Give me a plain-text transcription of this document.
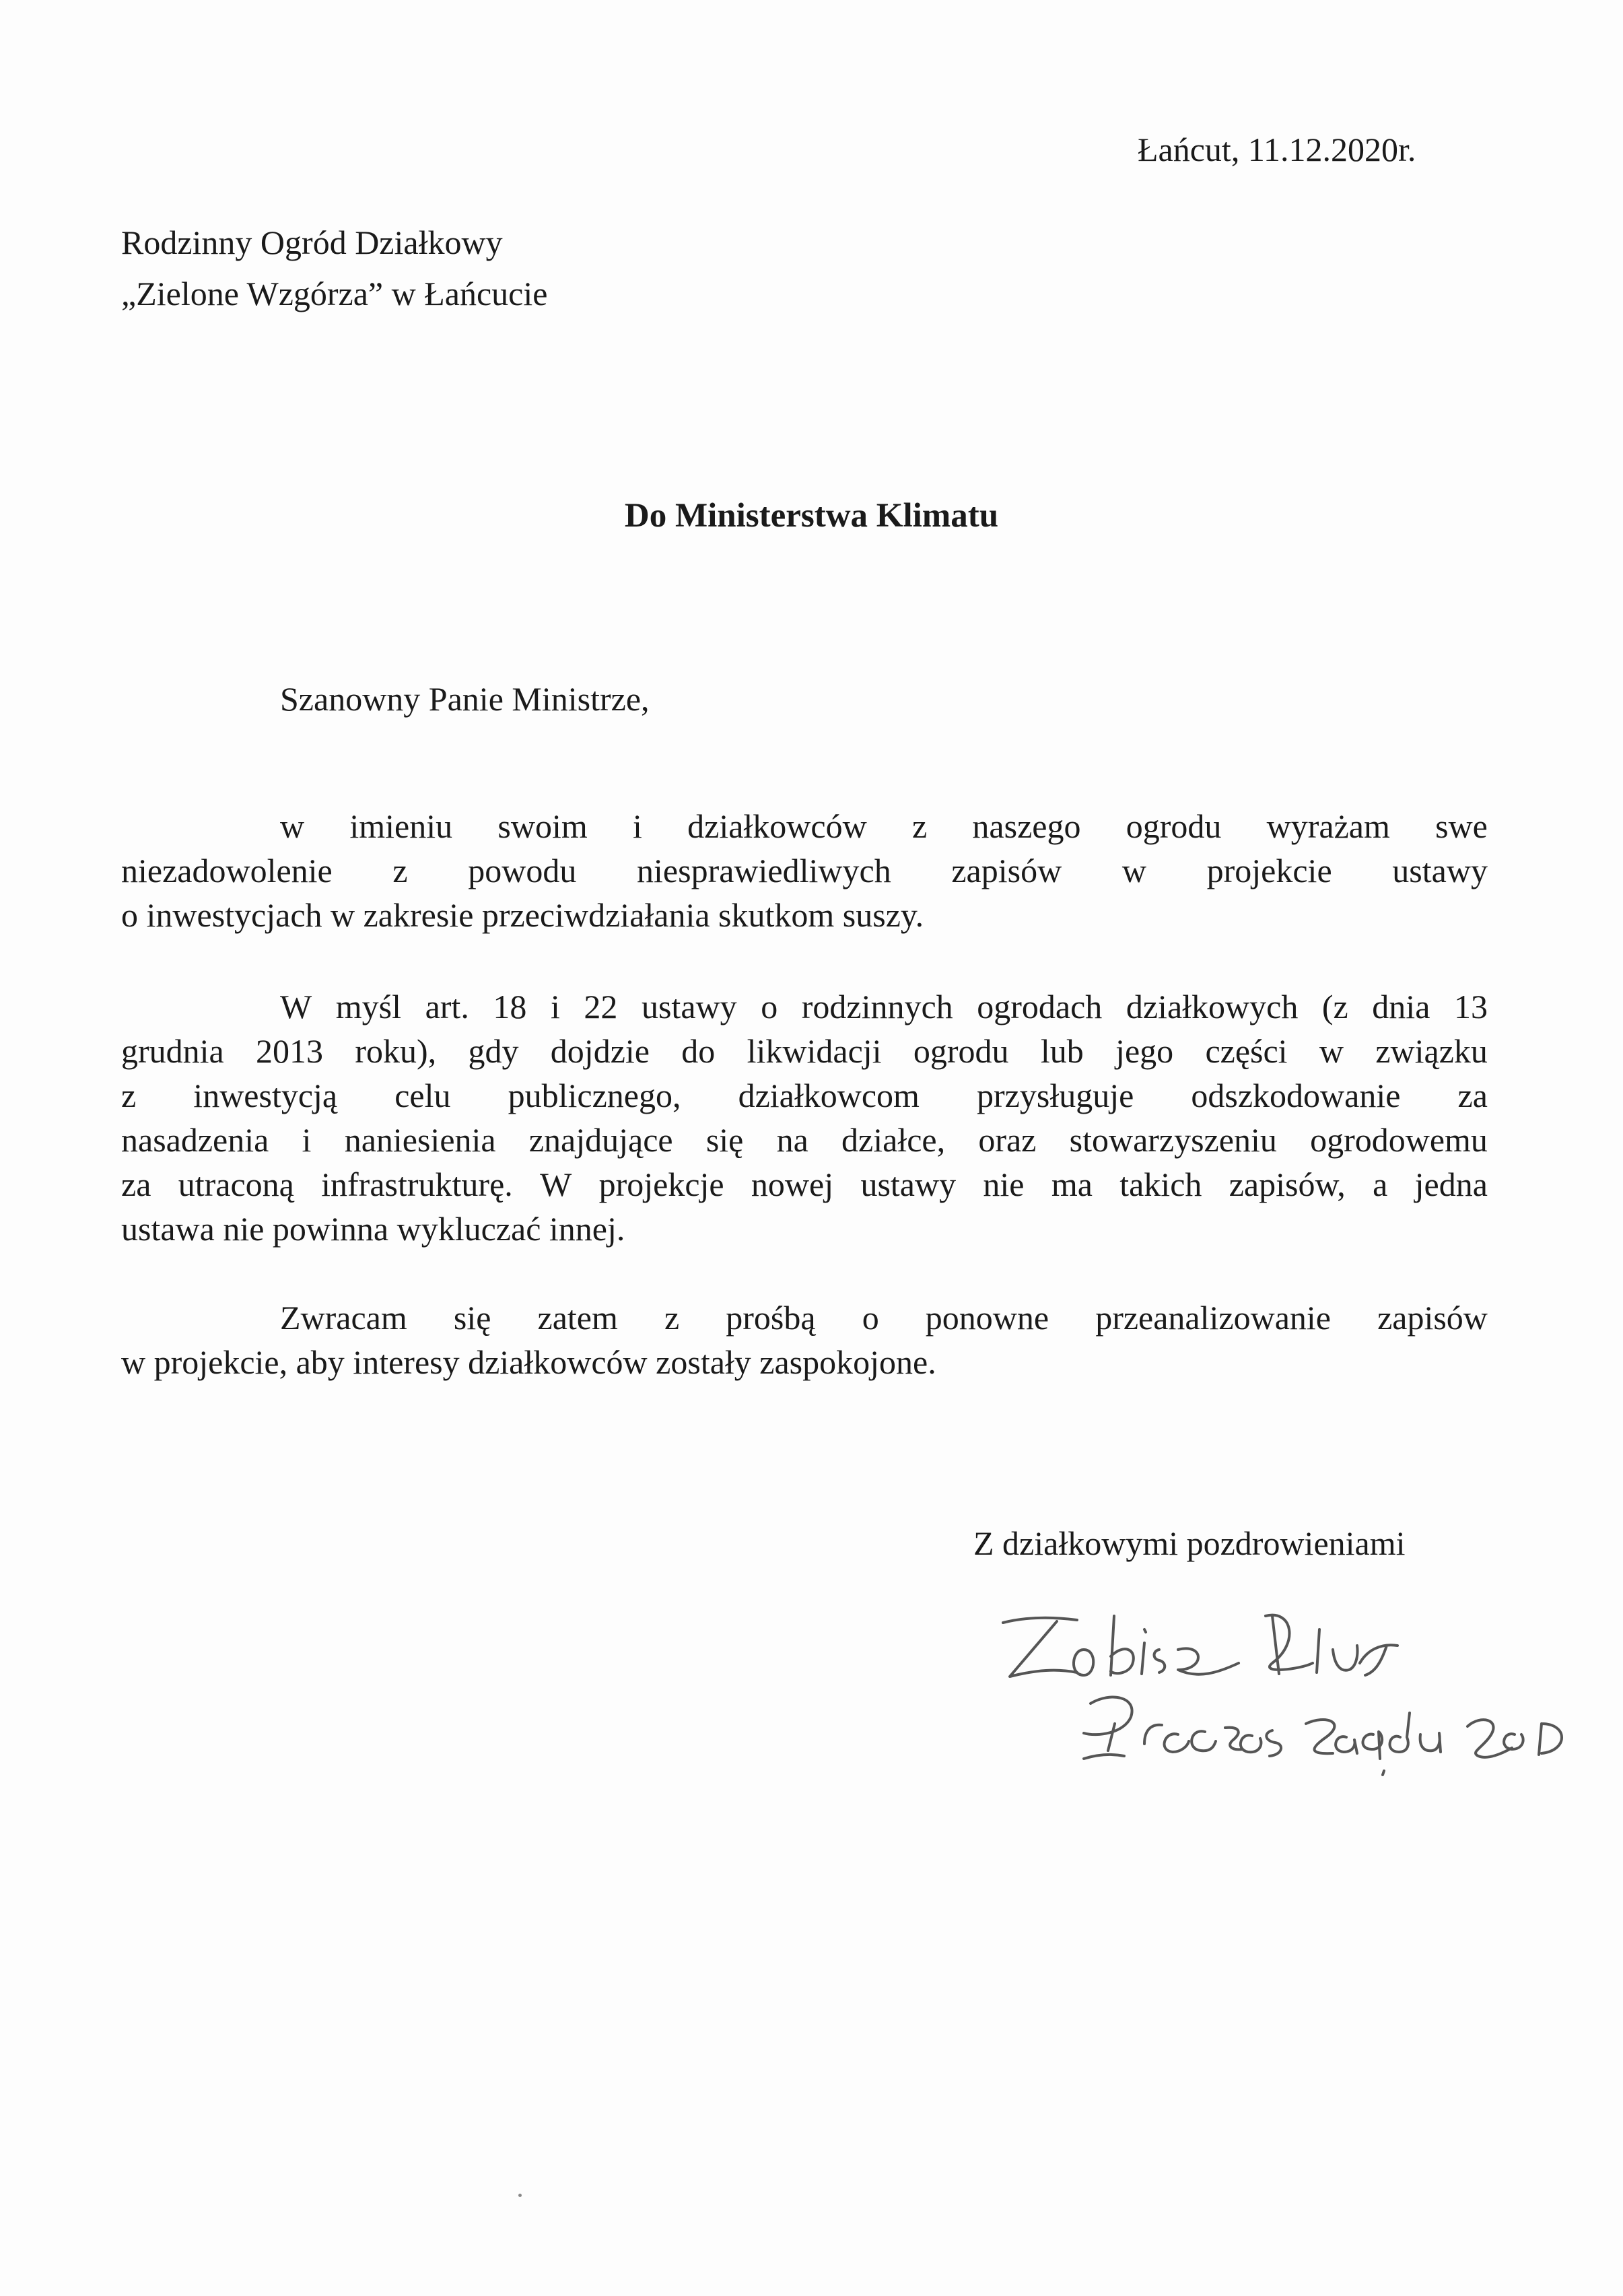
Łańcut, 11.12.2020r.
Rodzinny Ogród Działkowy
„Zielone Wzgórza” w Łańcucie
Do Ministerstwa Klimatu
Szanowny Panie Ministrze,
w imieniu swoim i działkowców z naszego ogrodu wyrażam swe
niezadowolenie z powodu niesprawiedliwych zapisów w projekcie ustawy
o inwestycjach w zakresie przeciwdziałania skutkom suszy.
W myśl art. 18 i 22 ustawy o rodzinnych ogrodach działkowych (z dnia 13
grudnia 2013 roku), gdy dojdzie do likwidacji ogrodu lub jego części w związku
z inwestycją celu publicznego, działkowcom przysługuje odszkodowanie za
nasadzenia i naniesienia znajdujące się na działce, oraz stowarzyszeniu ogrodowemu
za utraconą infrastrukturę. W projekcje nowej ustawy nie ma takich zapisów, a jedna
ustawa nie powinna wykluczać innej.
Zwracam się zatem z prośbą o ponowne przeanalizowanie zapisów
w projekcie, aby interesy działkowców zostały zaspokojone.
Z działkowymi pozdrowieniami
